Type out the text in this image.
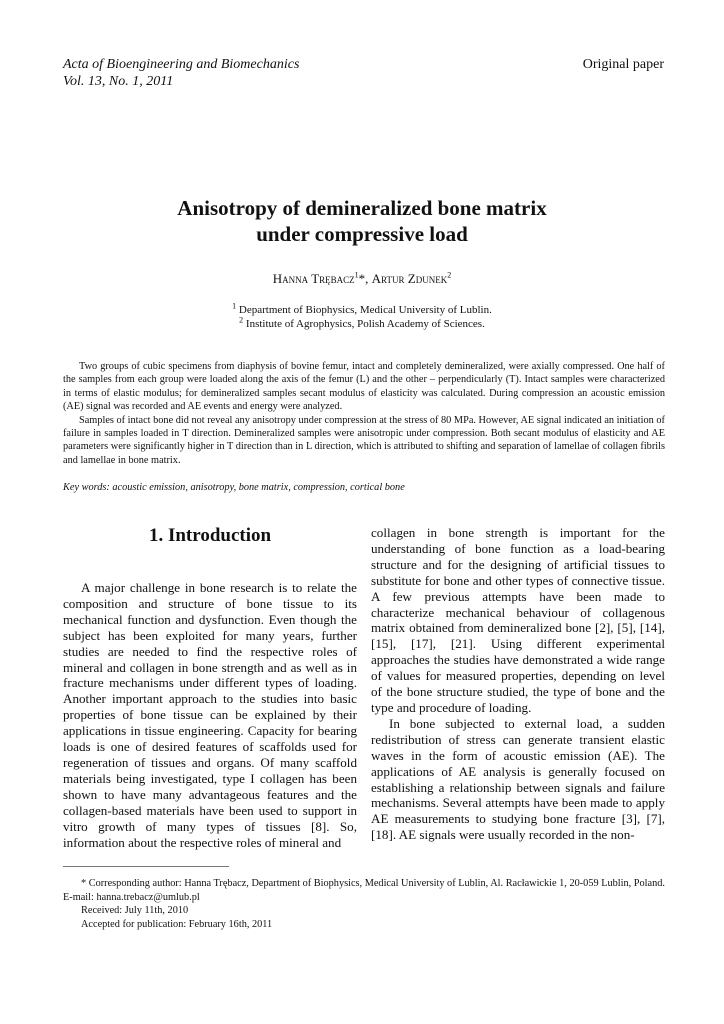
Acta of Bioengineering and Biomechanics
Vol. 13, No. 1, 2011
Original paper
Anisotropy of demineralized bone matrix
under compressive load
Hanna Trębacz$^1$*, Artur Zdunek$^2$
$^1$ Department of Biophysics, Medical University of Lublin.
$^2$ Institute of Agrophysics, Polish Academy of Sciences.

Two groups of cubic specimens from diaphysis of bovine femur, intact and completely demineralized, were axially compressed. One half of the samples from each group were loaded along the axis of the femur (L) and the other – perpendicularly (T). Intact samples were characterized in terms of elastic modulus; for demineralized samples secant modulus of elasticity was calculated. During compression an acoustic emission (AE) signal was recorded and AE events and energy were analyzed.

Samples of intact bone did not reveal any anisotropy under compression at the stress of 80 MPa. However, AE signal indicated an initiation of failure in samples loaded in T direction. Demineralized samples were anisotropic under compression. Both secant modulus of elasticity and AE parameters were significantly higher in T direction than in L direction, which is attributed to shifting and separation of lamellae of collagen fibrils and lamellae in bone matrix.

Key words: acoustic emission, anisotropy, bone matrix, compression, cortical bone
1. Introduction

A major challenge in bone research is to relate the composition and structure of bone tissue to its mechanical function and dysfunction. Even though the subject has been exploited for many years, further studies are needed to find the respective roles of mineral and collagen in bone strength and as well as in fracture mechanisms under different types of loading. Another important approach to the studies into basic properties of bone tissue can be explained by their applications in tissue engineering. Capacity for bearing loads is one of desired features of scaffolds used for regeneration of tissues and organs. Of many scaffold materials being investigated, type I collagen has been shown to have many advantageous features and the collagen-based materials have been used to support in vitro growth of many types of tissues [8]. So, information about the respective roles of mineral and

collagen in bone strength is important for the understanding of bone function as a load-bearing structure and for the designing of artificial tissues to substitute for bone and other types of connective tissue. A few previous attempts have been made to characterize mechanical behaviour of collagenous matrix obtained from demineralized bone [2], [5], [14], [15], [17], [21]. Using different experimental approaches the studies have demonstrated a wide range of values for measured properties, depending on level of the bone structure studied, the type of bone and the type and procedure of loading.

In bone subjected to external load, a sudden redistribution of stress can generate transient elastic waves in the form of acoustic emission (AE). The applications of AE analysis is generally focused on establishing a relationship between signals and failure mechanisms. Several attempts have been made to apply AE measurements to studying bone fracture [3], [7], [18]. AE signals were usually recorded in the non-

* Corresponding author: Hanna Trębacz, Department of Biophysics, Medical University of Lublin, Al. Racławickie 1, 20-059 Lublin, Poland. E-mail: hanna.trebacz@umlub.pl

Received: July 11th, 2010

Accepted for publication: February 16th, 2011
